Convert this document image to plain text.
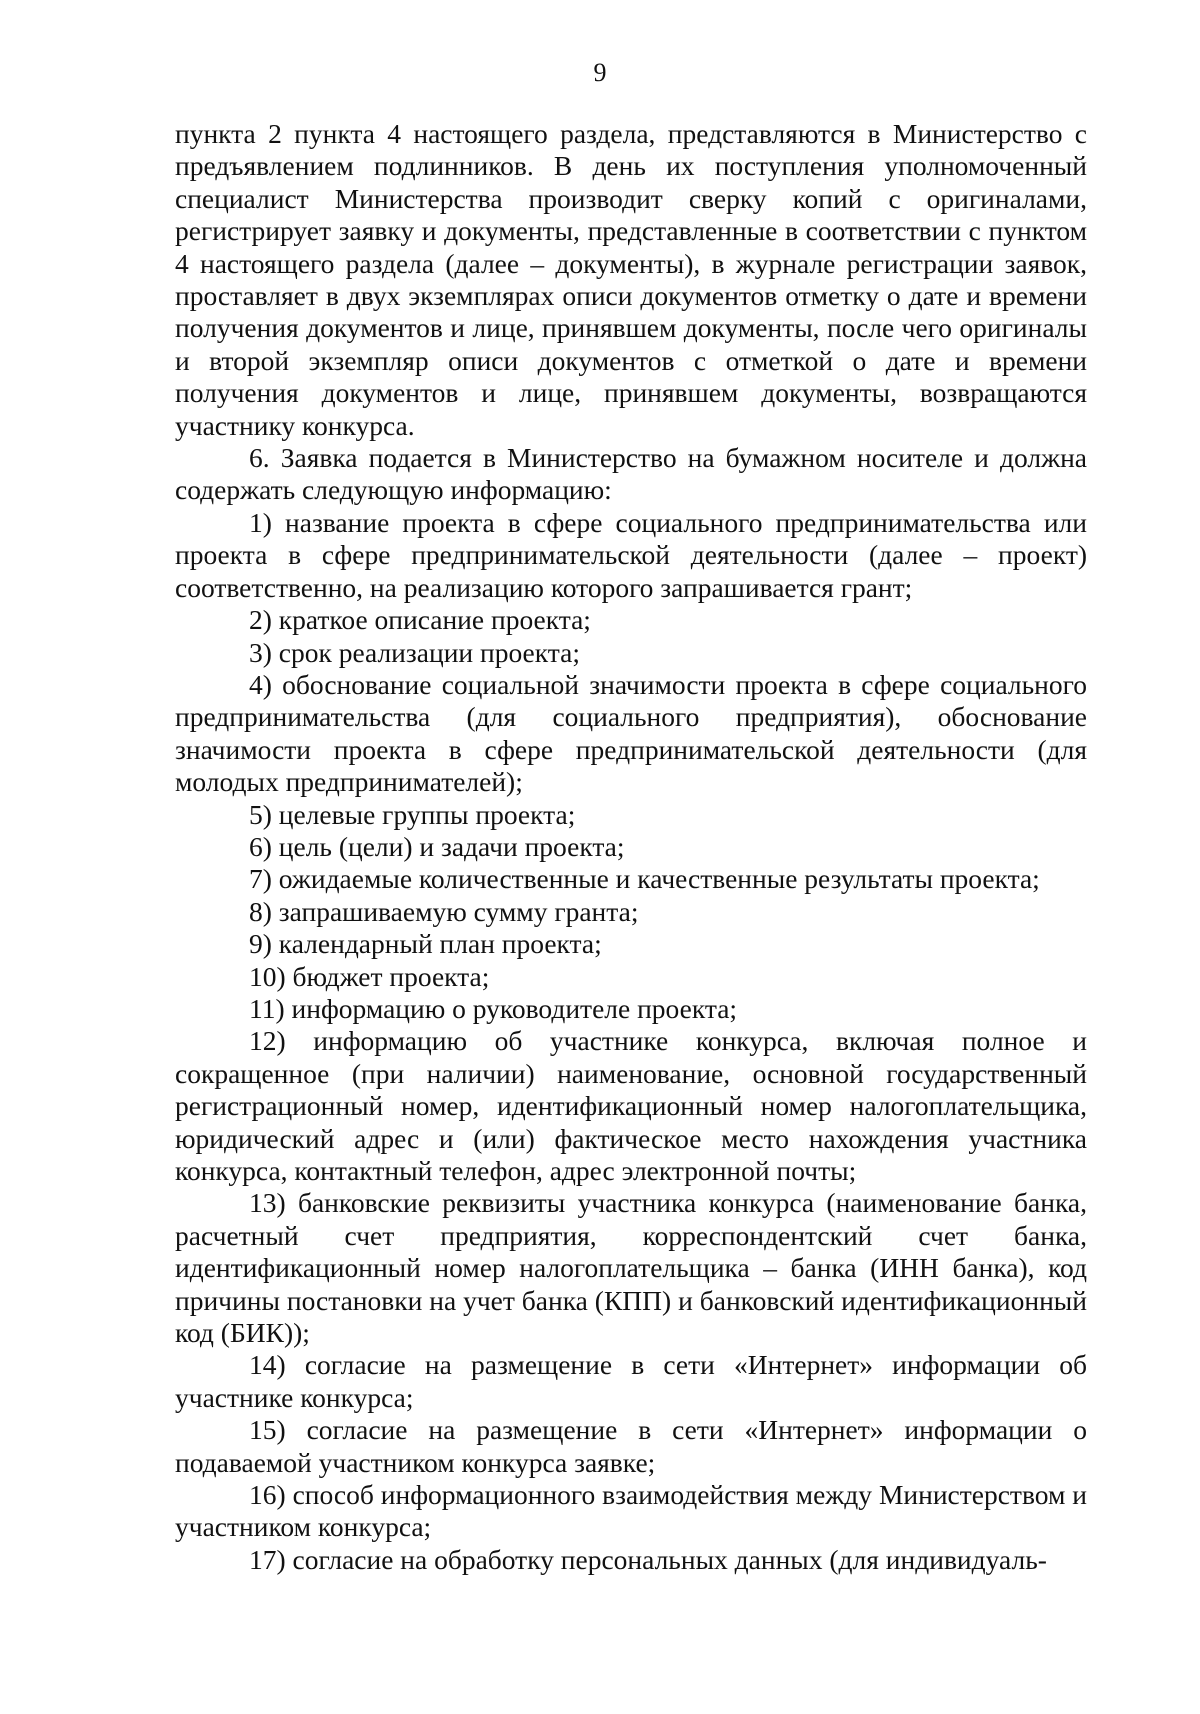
9

пункта 2 пункта 4 настоящего раздела, представляются в Министерство с предъявлением подлинников. В день их поступления уполномоченный специалист Министерства производит сверку копий с оригиналами, регистрирует заявку и документы, представленные в соответствии с пунктом 4 настоящего раздела (далее – документы), в журнале регистрации заявок, проставляет в двух экземплярах описи документов отметку о дате и времени получения документов и лице, принявшем документы, после чего оригиналы и второй экземпляр описи документов с отметкой о дате и времени получения документов и лице, принявшем документы, возвращаются участнику конкурса.

6. Заявка подается в Министерство на бумажном носителе и должна содержать следующую информацию:

1) название проекта в сфере социального предпринимательства или проекта в сфере предпринимательской деятельности (далее – проект) соответственно, на реализацию которого запрашивается грант;

2) краткое описание проекта;

3) срок реализации проекта;

4) обоснование социальной значимости проекта в сфере социального предпринимательства (для социального предприятия), обоснование значимости проекта в сфере предпринимательской деятельности (для молодых предпринимателей);

5) целевые группы проекта;

6) цель (цели) и задачи проекта;

7) ожидаемые количественные и качественные результаты проекта;

8) запрашиваемую сумму гранта;

9) календарный план проекта;

10) бюджет проекта;

11) информацию о руководителе проекта;

12) информацию об участнике конкурса, включая полное и сокращенное (при наличии) наименование, основной государственный регистрационный номер, идентификационный номер налогоплательщика, юридический адрес и (или) фактическое место нахождения участника конкурса, контактный телефон, адрес электронной почты;

13) банковские реквизиты участника конкурса (наименование банка, расчетный счет предприятия, корреспондентский счет банка, идентификационный номер налогоплательщика – банка (ИНН банка), код причины постановки на учет банка (КПП) и банковский идентификационный код (БИК));

14) согласие на размещение в сети «Интернет» информации об участнике конкурса;

15) согласие на размещение в сети «Интернет» информации о подаваемой участником конкурса заявке;

16) способ информационного взаимодействия между Министерством и участником конкурса;

17) согласие на обработку персональных данных (для индивидуаль-
